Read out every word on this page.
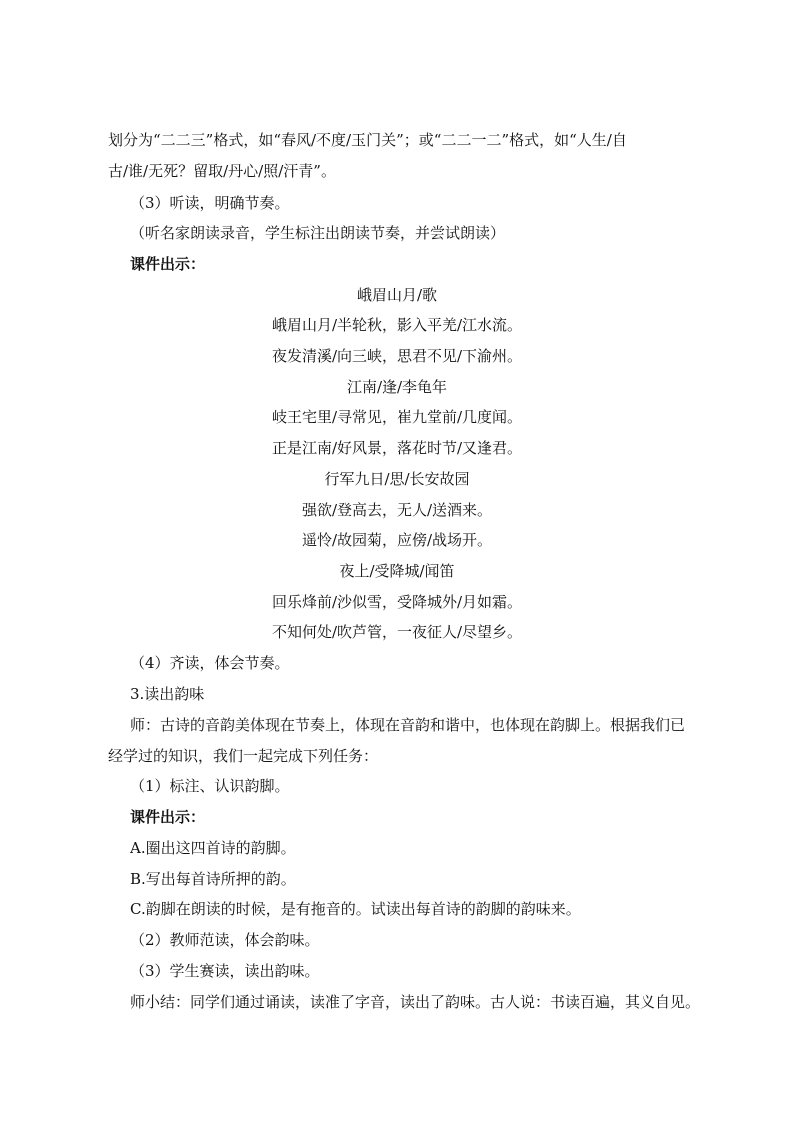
划分为“二二三”格式，如“春风/不度/玉门关”；或“二二一二”格式，如“人生/自
古/谁/无死？留取/丹心/照/汗青”。
（3）听读，明确节奏。
（听名家朗读录音，学生标注出朗读节奏，并尝试朗读）
课件出示：
峨眉山月/歌
峨眉山月/半轮秋，影入平羌/江水流。
夜发清溪/向三峡，思君不见/下渝州。
江南/逢/李龟年
岐王宅里/寻常见，崔九堂前/几度闻。
正是江南/好风景，落花时节/又逢君。
行军九日/思/长安故园
强欲/登高去，无人/送酒来。
遥怜/故园菊，应傍/战场开。
夜上/受降城/闻笛
回乐烽前/沙似雪，受降城外/月如霜。
不知何处/吹芦管，一夜征人/尽望乡。
（4）齐读，体会节奏。
3.读出韵味
师：古诗的音韵美体现在节奏上，体现在音韵和谐中，也体现在韵脚上。根据我们已
经学过的知识，我们一起完成下列任务：
（1）标注、认识韵脚。
课件出示：
A.圈出这四首诗的韵脚。
B.写出每首诗所押的韵。
C.韵脚在朗读的时候，是有拖音的。试读出每首诗的韵脚的韵味来。
（2）教师范读，体会韵味。
（3）学生赛读，读出韵味。
师小结：同学们通过诵读，读准了字音，读出了韵味。古人说：书读百遍，其义自见。
